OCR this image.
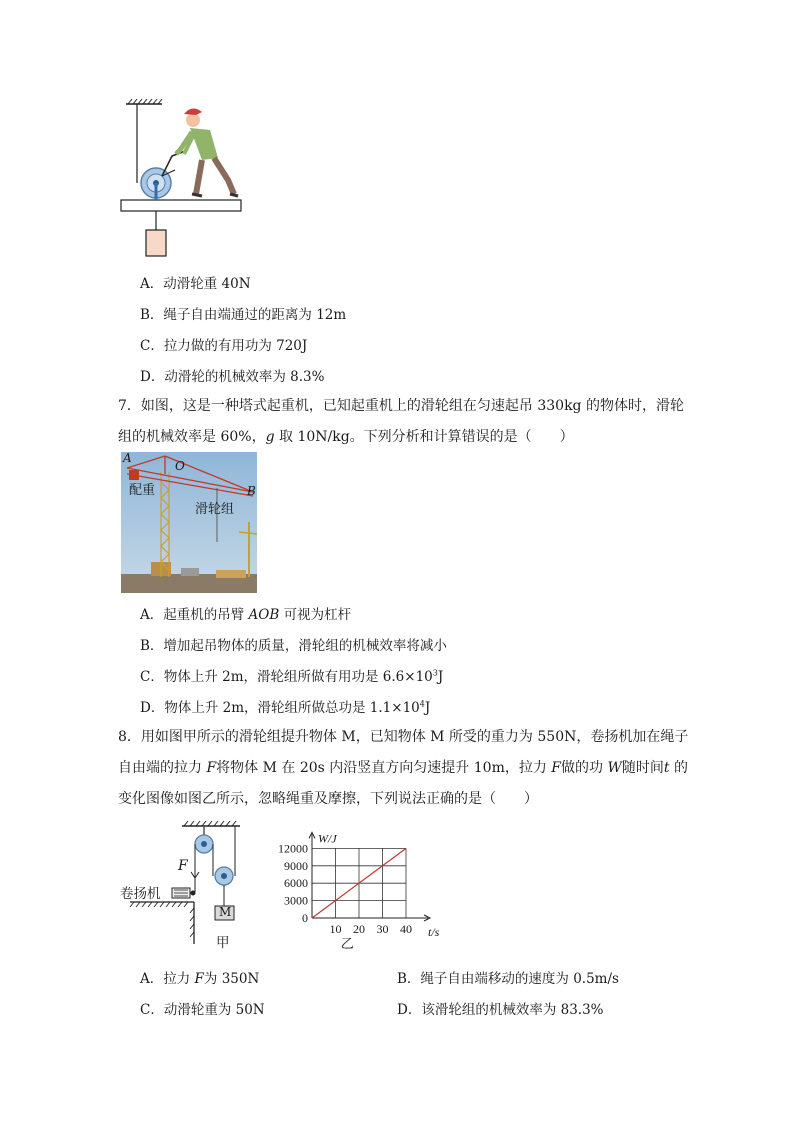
A．动滑轮重 40N
B．绳子自由端通过的距离为 12m
C．拉力做的有用功为 720J
D．动滑轮的机械效率为 8.3%
7．如图，这是一种塔式起重机，已知起重机上的滑轮组在匀速起吊 330kg 的物体时，滑轮
组的机械效率是 60%，g 取 10N/kg。下列分析和计算错误的是（　　）
A
O
B
配重
滑轮组
A．起重机的吊臂 AOB 可视为杠杆
B．增加起吊物体的质量，滑轮组的机械效率将减小
C．物体上升 2m，滑轮组所做有用功是 $6.6\times 10^3J$
D．物体上升 2m，滑轮组所做总功是 $1.1\times 10^4J$
8．用如图甲所示的滑轮组提升物体 M，已知物体 M 所受的重力为 550N，卷扬机加在绳子
自由端的拉力 F将物体 M 在 20s 内沿竖直方向匀速提升 10m，拉力 F做的功 W随时间t 的
变化图像如图乙所示，忽略绳重及摩擦，下列说法正确的是（　　）
F
卷扬机
M
甲
0
3000
6000
9000
12000
10 20 30 40
W/J
t/s
乙
A．拉力 F为 350N	B．绳子自由端移动的速度为 0.5m/s
C．动滑轮重为 50N	D．该滑轮组的机械效率为 83.3%
